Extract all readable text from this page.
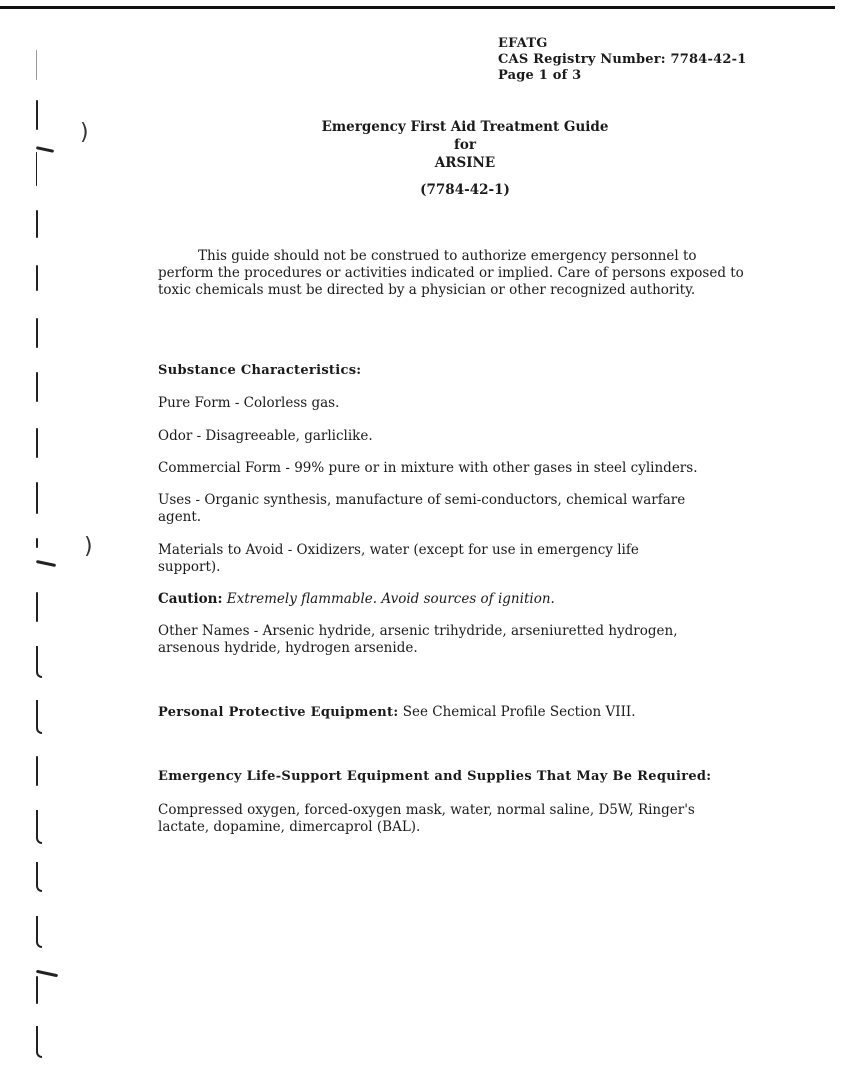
)
)
EFATG
CAS Registry Number: 7784-42-1
Page 1 of 3
Emergency First Aid Treatment Guide
for
ARSINE
(7784-42-1)
This guide should not be construed to authorize emergency personnel to perform the procedures or activities indicated or implied. Care of persons exposed to toxic chemicals must be directed by a physician or other recognized authority.
Substance Characteristics:
Pure Form - Colorless gas.
Odor - Disagreeable, garliclike.
Commercial Form - 99% pure or in mixture with other gases in steel cylinders.
Uses - Organic synthesis, manufacture of semi-conductors, chemical warfare agent.
Materials to Avoid - Oxidizers, water (except for use in emergency life support).
Caution: Extremely flammable. Avoid sources of ignition.
Other Names - Arsenic hydride, arsenic trihydride, arseniuretted hydrogen, arsenous hydride, hydrogen arsenide.
Personal Protective Equipment: See Chemical Profile Section VIII.
Emergency Life-Support Equipment and Supplies That May Be Required:
Compressed oxygen, forced-oxygen mask, water, normal saline, D5W, Ringer's lactate, dopamine, dimercaprol (BAL).
